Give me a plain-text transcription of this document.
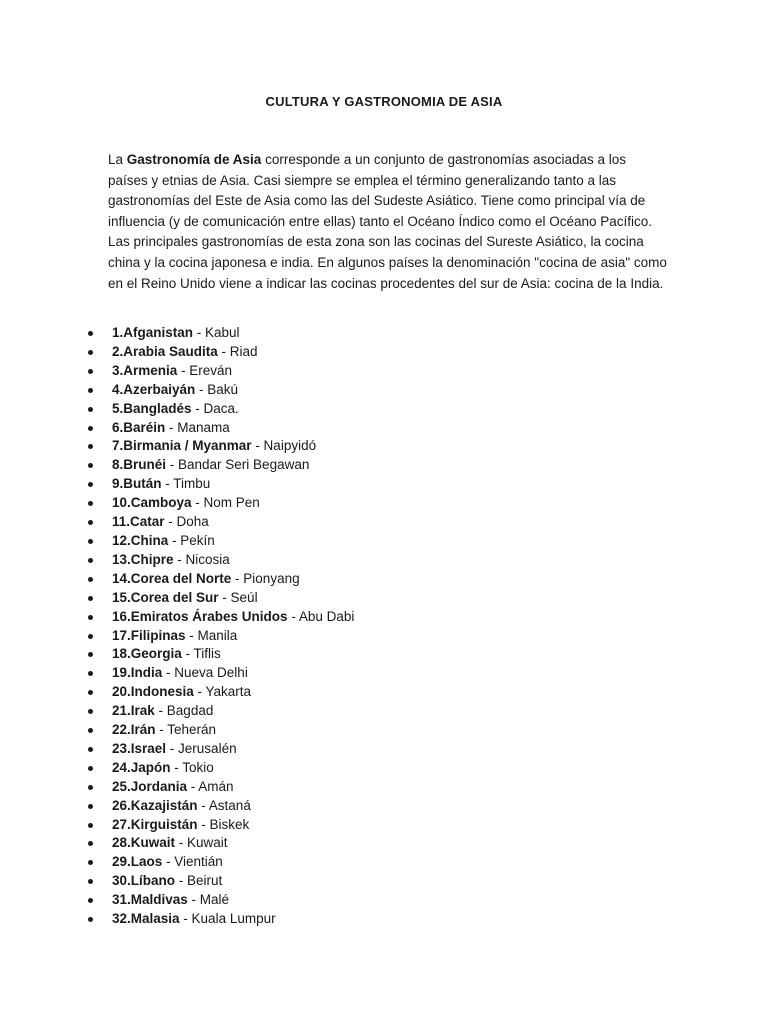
CULTURA Y GASTRONOMIA DE ASIA

La Gastronomía de Asia corresponde a un conjunto de gastronomías asociadas a los países y etnias de Asia. Casi siempre se emplea el término generalizando tanto a las gastronomías del Este de Asia como las del Sudeste Asiático. Tiene como principal vía de influencia (y de comunicación entre ellas) tanto el Océano Índico como el Océano Pacífico. Las principales gastronomías de esta zona son las cocinas del Sureste Asiático, la cocina china y la cocina japonesa e india. En algunos países la denominación "cocina de asia" como en el Reino Unido viene a indicar las cocinas procedentes del sur de Asia: cocina de la India.

1.Afganistan - Kabul
2.Arabia Saudita - Riad
3.Armenia - Ereván
4.Azerbaiyán - Bakú
5.Bangladés - Daca.
6.Baréin - Manama
7.Birmania / Myanmar - Naipyidó
8.Brunéi - Bandar Seri Begawan
9.Bután - Timbu
10.Camboya - Nom Pen
11.Catar - Doha
12.China - Pekín
13.Chipre - Nicosia
14.Corea del Norte - Pionyang
15.Corea del Sur - Seúl
16.Emiratos Árabes Unidos - Abu Dabi
17.Filipinas - Manila
18.Georgia - Tiflis
19.India - Nueva Delhi
20.Indonesia - Yakarta
21.Irak - Bagdad
22.Irán - Teherán
23.Israel - Jerusalén
24.Japón - Tokio
25.Jordania - Amán
26.Kazajistán - Astaná
27.Kirguistán - Biskek
28.Kuwait - Kuwait
29.Laos - Vientián
30.Líbano - Beirut
31.Maldivas - Malé
32.Malasia - Kuala Lumpur
